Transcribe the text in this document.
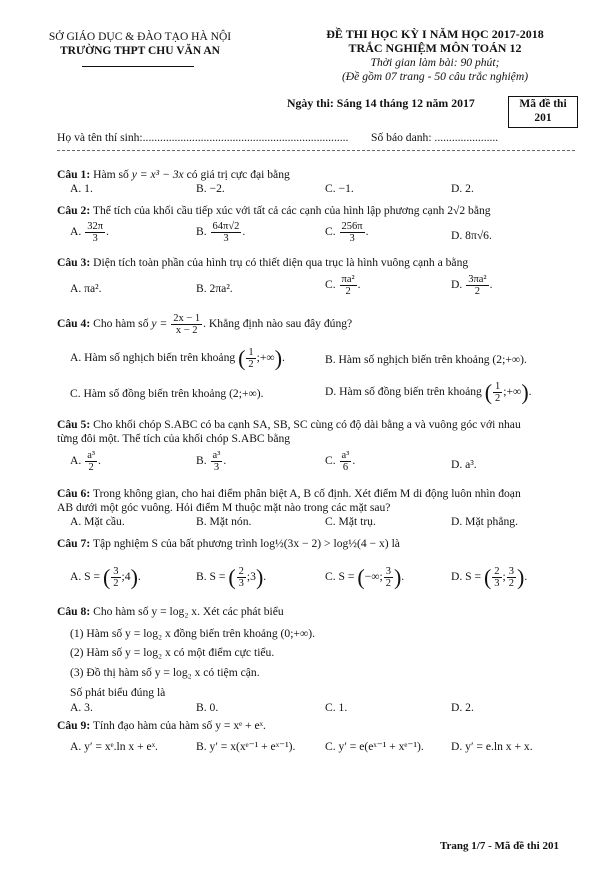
SỞ GIÁO DỤC & ĐÀO TẠO HÀ NỘI
TRƯỜNG THPT CHU VĂN AN
ĐỀ THI HỌC KỲ I NĂM HỌC 2017-2018
TRẮC NGHIỆM MÔN TOÁN 12
Thời gian làm bài: 90 phút;
(Đề gồm 07 trang - 50 câu trắc nghiệm)
Ngày thi: Sáng 14 tháng 12 năm 2017	Mã đề thi
201
Họ và tên thí sinh:....................................................................... Số báo danh: ......................
Câu 1: Hàm số y = x³ − 3x có giá trị cực đại bằng
A. 1.	B. −2.	C. −1.	D. 2.
Câu 2: Thể tích của khối cầu tiếp xúc với tất cả các cạnh của hình lập phương cạnh 2√2 bằng
A. $\frac{32\pi}{3}$ .	B. $\frac{64\pi√2}{3}$ .	C. $\frac{256\pi}{3}$ .	D. 8π√6.
Câu 3: Diện tích toàn phần của hình trụ có thiết diện qua trục là hình vuông cạnh a bằng
A. πa².	B. 2πa².	C. $\frac{\text{πa²}}{2}$ .	D. $\frac{\text{3πa²}}{2}$ .
Câu 4: Cho hàm số $y = \frac{2x - 1}{x - 2}$ . Khẳng định nào sau đây đúng?
A. Hàm số nghịch biến trên khoảng ( $\frac{1}{2}$ ;+∞).	B. Hàm số nghịch biến trên khoảng (2;+∞).
C. Hàm số đồng biến trên khoảng (2;+∞).	D. Hàm số đồng biến trên khoảng ( $\frac{1}{2}$ ;+∞).
Câu 5: Cho khối chóp S.ABC có ba cạnh SA, SB, SC cùng có độ dài bằng a và vuông góc với nhau
từng đôi một. Thể tích của khối chóp S.ABC bằng
A. $\frac{\text{a³}}{2}$ .	B. $\frac{\text{a³}}{3}$ .	C. $\frac{\text{a³}}{6}$ .	D. a³.
Câu 6: Trong không gian, cho hai điểm phân biệt A, B cố định. Xét điểm M di động luôn nhìn đoạn
AB dưới một góc vuông. Hỏi điểm M thuộc mặt nào trong các mặt sau?
A. Mặt cầu.	B. Mặt nón.	C. Mặt trụ.	D. Mặt phẳng.
Câu 7: Tập nghiệm S của bất phương trình log½(3x − 2) > log½(4 − x) là
A. S = ( $\frac{3}{2}$ ;4).	B. S = ( $\frac{2}{3}$ ;3).	C. S = (−∞; $\frac{3}{2}$ ).	D. S = ( $\frac{2}{3}$ ; $\frac{3}{2}$ ).
Câu 8: Cho hàm số y = log₂ x. Xét các phát biểu
(1) Hàm số y = log₂ x đồng biến trên khoảng (0;+∞).
(2) Hàm số y = log₂ x có một điểm cực tiểu.
(3) Đồ thị hàm số y = log₂ x có tiệm cận.
Số phát biểu đúng là
A. 3.	B. 0.	C. 1.	D. 2.
Câu 9: Tính đạo hàm của hàm số y = xᵉ + eˣ.
A. y′ = xᵉ.ln x + eˣ.	B. y′ = x(xᵉ⁻¹ + eˣ⁻¹).	C. y′ = e(eˣ⁻¹ + xᵉ⁻¹). D. y′ = e.ln x + x.
Trang 1/7 - Mã đề thi 201
